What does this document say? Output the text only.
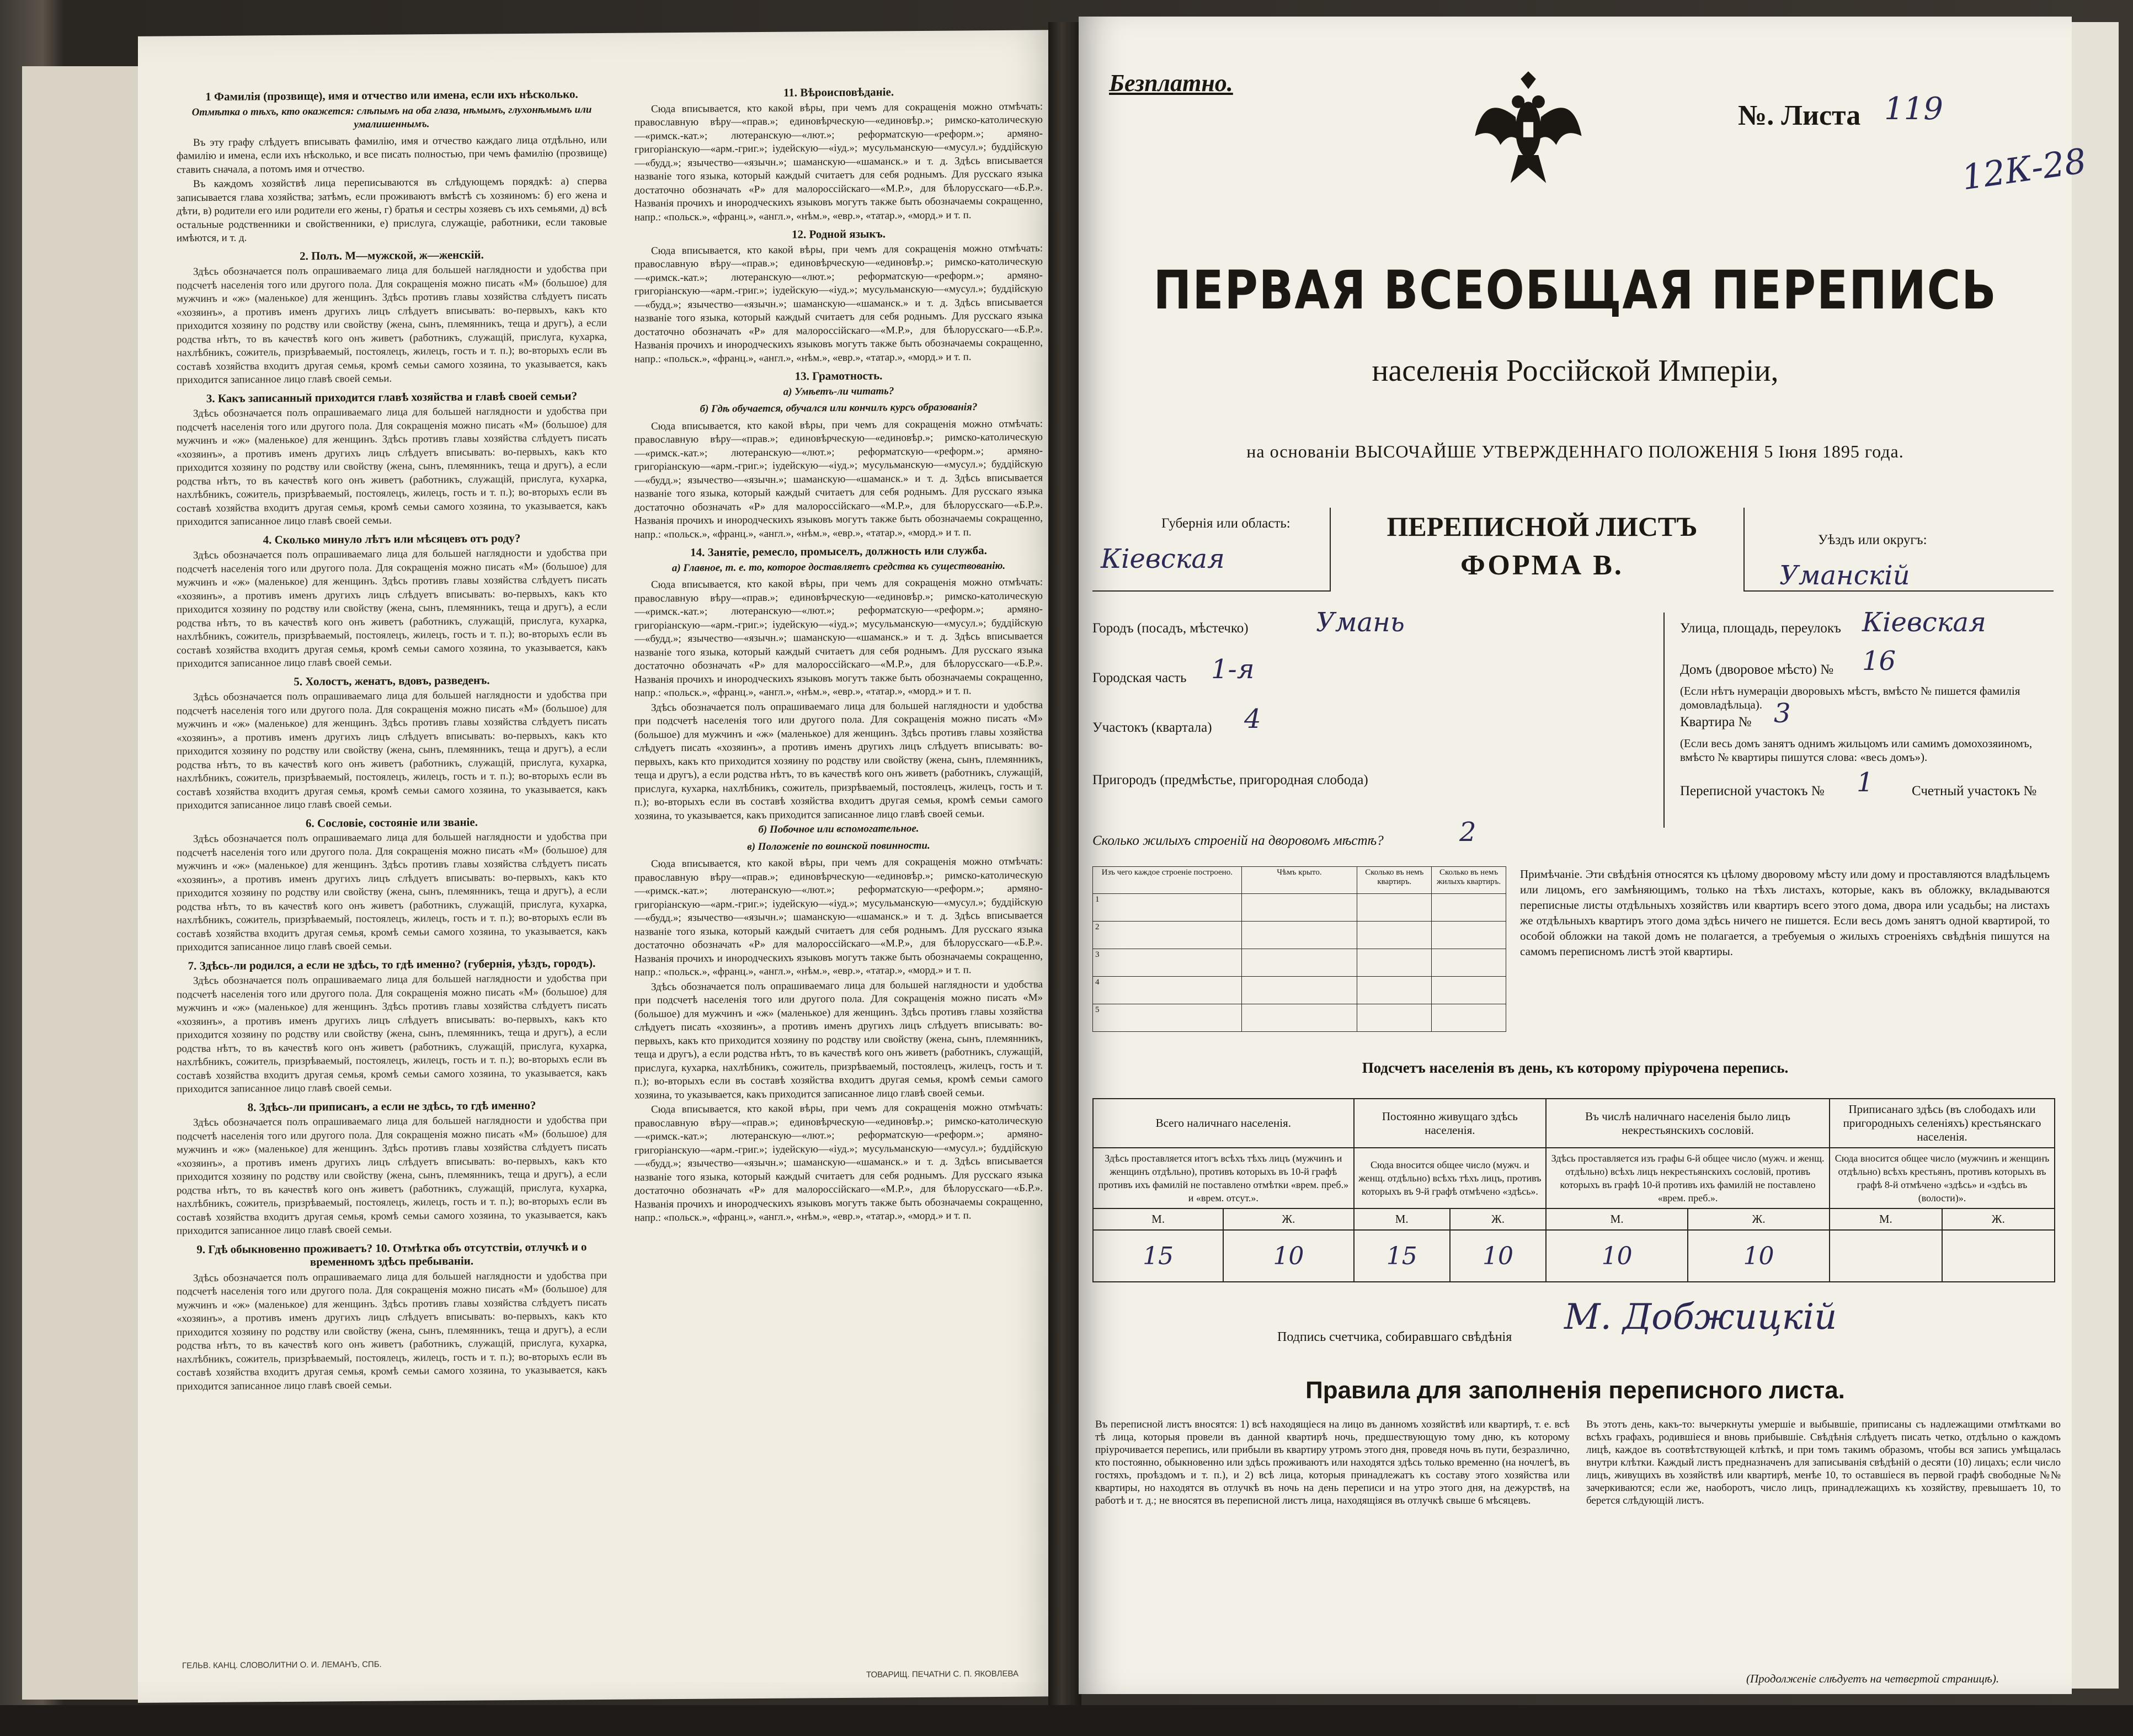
1 Фамилія (прозвище), имя и отчество или имена, если ихъ нѣсколько.
Отмѣтка о тѣхъ, кто окажется: слѣпымъ на оба глаза, нѣмымъ, глухонѣмымъ или умалишеннымъ.

Въ эту графу слѣдуетъ вписывать фамилію, имя и отчество каждаго лица отдѣльно, или фамилію и имена, если ихъ нѣсколько, и все писать полностью, при чемъ фамилію (прозвище) ставить сначала, а потомъ имя и отчество.

Въ каждомъ хозяйствѣ лица переписываются въ слѣдующемъ порядкѣ: а) сперва записывается глава хозяйства; затѣмъ, если проживаютъ вмѣстѣ съ хозяиномъ: б) его жена и дѣти, в) родители его или родители его жены, г) братья и сестры хозяевъ съ ихъ семьями, д) всѣ остальные родственники и свойственники, е) прислуга, служащіе, работники, если таковые имѣются, и т. д.

2. Полъ. М—мужской, ж—женскій.

Здѣсь обозначается полъ опрашиваемаго лица для большей наглядности и удобства при подсчетѣ населенія того или другого пола. Для сокращенія можно писать «М» (большое) для мужчинъ и «ж» (маленькое) для женщинъ. Здѣсь противъ главы хозяйства слѣдуетъ писать «хозяинъ», а противъ именъ другихъ лицъ слѣдуетъ вписывать: во-первыхъ, какъ кто приходится хозяину по родству или свойству (жена, сынъ, племянникъ, теща и другъ), а если родства нѣтъ, то въ качествѣ кого онъ живетъ (работникъ, служащій, прислуга, кухарка, нахлѣбникъ, сожитель, призрѣваемый, постоялецъ, жилецъ, гость и т. п.); во-вторыхъ если въ составѣ хозяйства входитъ другая семья, кромѣ семьи самого хозяина, то указывается, какъ приходится записанное лицо главѣ своей семьи.

3. Какъ записанный приходится главѣ хозяйства и главѣ своей семьи?

Здѣсь обозначается полъ опрашиваемаго лица для большей наглядности и удобства при подсчетѣ населенія того или другого пола. Для сокращенія можно писать «М» (большое) для мужчинъ и «ж» (маленькое) для женщинъ. Здѣсь противъ главы хозяйства слѣдуетъ писать «хозяинъ», а противъ именъ другихъ лицъ слѣдуетъ вписывать: во-первыхъ, какъ кто приходится хозяину по родству или свойству (жена, сынъ, племянникъ, теща и другъ), а если родства нѣтъ, то въ качествѣ кого онъ живетъ (работникъ, служащій, прислуга, кухарка, нахлѣбникъ, сожитель, призрѣваемый, постоялецъ, жилецъ, гость и т. п.); во-вторыхъ если въ составѣ хозяйства входитъ другая семья, кромѣ семьи самого хозяина, то указывается, какъ приходится записанное лицо главѣ своей семьи.

4. Сколько минуло лѣтъ или мѣсяцевъ отъ роду?

Здѣсь обозначается полъ опрашиваемаго лица для большей наглядности и удобства при подсчетѣ населенія того или другого пола. Для сокращенія можно писать «М» (большое) для мужчинъ и «ж» (маленькое) для женщинъ. Здѣсь противъ главы хозяйства слѣдуетъ писать «хозяинъ», а противъ именъ другихъ лицъ слѣдуетъ вписывать: во-первыхъ, какъ кто приходится хозяину по родству или свойству (жена, сынъ, племянникъ, теща и другъ), а если родства нѣтъ, то въ качествѣ кого онъ живетъ (работникъ, служащій, прислуга, кухарка, нахлѣбникъ, сожитель, призрѣваемый, постоялецъ, жилецъ, гость и т. п.); во-вторыхъ если въ составѣ хозяйства входитъ другая семья, кромѣ семьи самого хозяина, то указывается, какъ приходится записанное лицо главѣ своей семьи.

5. Холостъ, женатъ, вдовъ, разведенъ.

Здѣсь обозначается полъ опрашиваемаго лица для большей наглядности и удобства при подсчетѣ населенія того или другого пола. Для сокращенія можно писать «М» (большое) для мужчинъ и «ж» (маленькое) для женщинъ. Здѣсь противъ главы хозяйства слѣдуетъ писать «хозяинъ», а противъ именъ другихъ лицъ слѣдуетъ вписывать: во-первыхъ, какъ кто приходится хозяину по родству или свойству (жена, сынъ, племянникъ, теща и другъ), а если родства нѣтъ, то въ качествѣ кого онъ живетъ (работникъ, служащій, прислуга, кухарка, нахлѣбникъ, сожитель, призрѣваемый, постоялецъ, жилецъ, гость и т. п.); во-вторыхъ если въ составѣ хозяйства входитъ другая семья, кромѣ семьи самого хозяина, то указывается, какъ приходится записанное лицо главѣ своей семьи.

6. Сословіе, состояніе или званіе.

Здѣсь обозначается полъ опрашиваемаго лица для большей наглядности и удобства при подсчетѣ населенія того или другого пола. Для сокращенія можно писать «М» (большое) для мужчинъ и «ж» (маленькое) для женщинъ. Здѣсь противъ главы хозяйства слѣдуетъ писать «хозяинъ», а противъ именъ другихъ лицъ слѣдуетъ вписывать: во-первыхъ, какъ кто приходится хозяину по родству или свойству (жена, сынъ, племянникъ, теща и другъ), а если родства нѣтъ, то въ качествѣ кого онъ живетъ (работникъ, служащій, прислуга, кухарка, нахлѣбникъ, сожитель, призрѣваемый, постоялецъ, жилецъ, гость и т. п.); во-вторыхъ если въ составѣ хозяйства входитъ другая семья, кромѣ семьи самого хозяина, то указывается, какъ приходится записанное лицо главѣ своей семьи.

7. Здѣсь-ли родился, а если не здѣсь, то гдѣ именно? (губернія, уѣздъ, городъ).

Здѣсь обозначается полъ опрашиваемаго лица для большей наглядности и удобства при подсчетѣ населенія того или другого пола. Для сокращенія можно писать «М» (большое) для мужчинъ и «ж» (маленькое) для женщинъ. Здѣсь противъ главы хозяйства слѣдуетъ писать «хозяинъ», а противъ именъ другихъ лицъ слѣдуетъ вписывать: во-первыхъ, какъ кто приходится хозяину по родству или свойству (жена, сынъ, племянникъ, теща и другъ), а если родства нѣтъ, то въ качествѣ кого онъ живетъ (работникъ, служащій, прислуга, кухарка, нахлѣбникъ, сожитель, призрѣваемый, постоялецъ, жилецъ, гость и т. п.); во-вторыхъ если въ составѣ хозяйства входитъ другая семья, кромѣ семьи самого хозяина, то указывается, какъ приходится записанное лицо главѣ своей семьи.

8. Здѣсь-ли приписанъ, а если не здѣсь, то гдѣ именно?

Здѣсь обозначается полъ опрашиваемаго лица для большей наглядности и удобства при подсчетѣ населенія того или другого пола. Для сокращенія можно писать «М» (большое) для мужчинъ и «ж» (маленькое) для женщинъ. Здѣсь противъ главы хозяйства слѣдуетъ писать «хозяинъ», а противъ именъ другихъ лицъ слѣдуетъ вписывать: во-первыхъ, какъ кто приходится хозяину по родству или свойству (жена, сынъ, племянникъ, теща и другъ), а если родства нѣтъ, то въ качествѣ кого онъ живетъ (работникъ, служащій, прислуга, кухарка, нахлѣбникъ, сожитель, призрѣваемый, постоялецъ, жилецъ, гость и т. п.); во-вторыхъ если въ составѣ хозяйства входитъ другая семья, кромѣ семьи самого хозяина, то указывается, какъ приходится записанное лицо главѣ своей семьи.

9. Гдѣ обыкновенно проживаетъ? 10. Отмѣтка объ отсутствіи, отлучкѣ и о временномъ здѣсь пребываніи.

Здѣсь обозначается полъ опрашиваемаго лица для большей наглядности и удобства при подсчетѣ населенія того или другого пола. Для сокращенія можно писать «М» (большое) для мужчинъ и «ж» (маленькое) для женщинъ. Здѣсь противъ главы хозяйства слѣдуетъ писать «хозяинъ», а противъ именъ другихъ лицъ слѣдуетъ вписывать: во-первыхъ, какъ кто приходится хозяину по родству или свойству (жена, сынъ, племянникъ, теща и другъ), а если родства нѣтъ, то въ качествѣ кого онъ живетъ (работникъ, служащій, прислуга, кухарка, нахлѣбникъ, сожитель, призрѣваемый, постоялецъ, жилецъ, гость и т. п.); во-вторыхъ если въ составѣ хозяйства входитъ другая семья, кромѣ семьи самого хозяина, то указывается, какъ приходится записанное лицо главѣ своей семьи.

11. Вѣроисповѣданіе.

Сюда вписывается, кто какой вѣры, при чемъ для сокращенія можно отмѣчать: православную вѣру—«прав.»; единовѣрческую—«единовѣр.»; римско-католическую—«римск.-кат.»; лютеранскую—«лют.»; реформатскую—«реформ.»; армяно-григоріанскую—«арм.-григ.»; іудейскую—«іуд.»; мусульманскую—«мусул.»; буддійскую—«будд.»; язычество—«язычн.»; шаманскую—«шаманск.» и т. д. Здѣсь вписывается названіе того языка, который каждый считаетъ для себя роднымъ. Для русскаго языка достаточно обозначать «Р» для малороссійскаго—«М.Р.», для бѣлорусскаго—«Б.Р.». Названія прочихъ и инородческихъ языковъ могутъ также быть обозначаемы сокращенно, напр.: «польск.», «франц.», «англ.», «нѣм.», «евр.», «татар.», «морд.» и т. п.

12. Родной языкъ.

Сюда вписывается, кто какой вѣры, при чемъ для сокращенія можно отмѣчать: православную вѣру—«прав.»; единовѣрческую—«единовѣр.»; римско-католическую—«римск.-кат.»; лютеранскую—«лют.»; реформатскую—«реформ.»; армяно-григоріанскую—«арм.-григ.»; іудейскую—«іуд.»; мусульманскую—«мусул.»; буддійскую—«будд.»; язычество—«язычн.»; шаманскую—«шаманск.» и т. д. Здѣсь вписывается названіе того языка, который каждый считаетъ для себя роднымъ. Для русскаго языка достаточно обозначать «Р» для малороссійскаго—«М.Р.», для бѣлорусскаго—«Б.Р.». Названія прочихъ и инородческихъ языковъ могутъ также быть обозначаемы сокращенно, напр.: «польск.», «франц.», «англ.», «нѣм.», «евр.», «татар.», «морд.» и т. п.

13. Грамотность.
а) Умѣетъ-ли читать?
б) Гдѣ обучается, обучался или кончилъ курсъ образованія?

Сюда вписывается, кто какой вѣры, при чемъ для сокращенія можно отмѣчать: православную вѣру—«прав.»; единовѣрческую—«единовѣр.»; римско-католическую—«римск.-кат.»; лютеранскую—«лют.»; реформатскую—«реформ.»; армяно-григоріанскую—«арм.-григ.»; іудейскую—«іуд.»; мусульманскую—«мусул.»; буддійскую—«будд.»; язычество—«язычн.»; шаманскую—«шаманск.» и т. д. Здѣсь вписывается названіе того языка, который каждый считаетъ для себя роднымъ. Для русскаго языка достаточно обозначать «Р» для малороссійскаго—«М.Р.», для бѣлорусскаго—«Б.Р.». Названія прочихъ и инородческихъ языковъ могутъ также быть обозначаемы сокращенно, напр.: «польск.», «франц.», «англ.», «нѣм.», «евр.», «татар.», «морд.» и т. п.

14. Занятіе, ремесло, промыселъ, должность или служба.
а) Главное, т. е. то, которое доставляетъ средства къ существованію.

Сюда вписывается, кто какой вѣры, при чемъ для сокращенія можно отмѣчать: православную вѣру—«прав.»; единовѣрческую—«единовѣр.»; римско-католическую—«римск.-кат.»; лютеранскую—«лют.»; реформатскую—«реформ.»; армяно-григоріанскую—«арм.-григ.»; іудейскую—«іуд.»; мусульманскую—«мусул.»; буддійскую—«будд.»; язычество—«язычн.»; шаманскую—«шаманск.» и т. д. Здѣсь вписывается названіе того языка, который каждый считаетъ для себя роднымъ. Для русскаго языка достаточно обозначать «Р» для малороссійскаго—«М.Р.», для бѣлорусскаго—«Б.Р.». Названія прочихъ и инородческихъ языковъ могутъ также быть обозначаемы сокращенно, напр.: «польск.», «франц.», «англ.», «нѣм.», «евр.», «татар.», «морд.» и т. п.

Здѣсь обозначается полъ опрашиваемаго лица для большей наглядности и удобства при подсчетѣ населенія того или другого пола. Для сокращенія можно писать «М» (большое) для мужчинъ и «ж» (маленькое) для женщинъ. Здѣсь противъ главы хозяйства слѣдуетъ писать «хозяинъ», а противъ именъ другихъ лицъ слѣдуетъ вписывать: во-первыхъ, какъ кто приходится хозяину по родству или свойству (жена, сынъ, племянникъ, теща и другъ), а если родства нѣтъ, то въ качествѣ кого онъ живетъ (работникъ, служащій, прислуга, кухарка, нахлѣбникъ, сожитель, призрѣваемый, постоялецъ, жилецъ, гость и т. п.); во-вторыхъ если въ составѣ хозяйства входитъ другая семья, кромѣ семьи самого хозяина, то указывается, какъ приходится записанное лицо главѣ своей семьи.

б) Побочное или вспомогательное.
в) Положеніе по воинской повинности.

Сюда вписывается, кто какой вѣры, при чемъ для сокращенія можно отмѣчать: православную вѣру—«прав.»; единовѣрческую—«единовѣр.»; римско-католическую—«римск.-кат.»; лютеранскую—«лют.»; реформатскую—«реформ.»; армяно-григоріанскую—«арм.-григ.»; іудейскую—«іуд.»; мусульманскую—«мусул.»; буддійскую—«будд.»; язычество—«язычн.»; шаманскую—«шаманск.» и т. д. Здѣсь вписывается названіе того языка, который каждый считаетъ для себя роднымъ. Для русскаго языка достаточно обозначать «Р» для малороссійскаго—«М.Р.», для бѣлорусскаго—«Б.Р.». Названія прочихъ и инородческихъ языковъ могутъ также быть обозначаемы сокращенно, напр.: «польск.», «франц.», «англ.», «нѣм.», «евр.», «татар.», «морд.» и т. п.

Здѣсь обозначается полъ опрашиваемаго лица для большей наглядности и удобства при подсчетѣ населенія того или другого пола. Для сокращенія можно писать «М» (большое) для мужчинъ и «ж» (маленькое) для женщинъ. Здѣсь противъ главы хозяйства слѣдуетъ писать «хозяинъ», а противъ именъ другихъ лицъ слѣдуетъ вписывать: во-первыхъ, какъ кто приходится хозяину по родству или свойству (жена, сынъ, племянникъ, теща и другъ), а если родства нѣтъ, то въ качествѣ кого онъ живетъ (работникъ, служащій, прислуга, кухарка, нахлѣбникъ, сожитель, призрѣваемый, постоялецъ, жилецъ, гость и т. п.); во-вторыхъ если въ составѣ хозяйства входитъ другая семья, кромѣ семьи самого хозяина, то указывается, какъ приходится записанное лицо главѣ своей семьи.

Сюда вписывается, кто какой вѣры, при чемъ для сокращенія можно отмѣчать: православную вѣру—«прав.»; единовѣрческую—«единовѣр.»; римско-католическую—«римск.-кат.»; лютеранскую—«лют.»; реформатскую—«реформ.»; армяно-григоріанскую—«арм.-григ.»; іудейскую—«іуд.»; мусульманскую—«мусул.»; буддійскую—«будд.»; язычество—«язычн.»; шаманскую—«шаманск.» и т. д. Здѣсь вписывается названіе того языка, который каждый считаетъ для себя роднымъ. Для русскаго языка достаточно обозначать «Р» для малороссійскаго—«М.Р.», для бѣлорусскаго—«Б.Р.». Названія прочихъ и инородческихъ языковъ могутъ также быть обозначаемы сокращенно, напр.: «польск.», «франц.», «англ.», «нѣм.», «евр.», «татар.», «морд.» и т. п.

ГЕЛЬВ. КАНЦ. СЛОВОЛИТНИ О. И. ЛЕМАНЪ, СПБ.
ТОВАРИЩ. ПЕЧАТНИ С. П. ЯКОВЛЕВА
Безплатно.
№. Листа 119
12К-28
ПЕРВАЯ ВСЕОБЩАЯ ПЕРЕПИСЬ
населенія Россійской Имперіи,
на основаніи ВЫСОЧАЙШЕ УТВЕРЖДЕННАГО ПОЛОЖЕНІЯ 5 Іюня 1895 года.
Губернія или область:
Кіевская
ПЕРЕПИСНОЙ ЛИСТЪ
ФОРМА В.
Уѣздъ или округъ:
Уманскій
Городъ (посадъ, мѣстечко)	Умань
Городская часть 1-я
Участокъ (квартала) 4
Пригородъ (предмѣстье, пригородная слобода)
Улица, площадь, переулокъ Кіевская
Домъ (дворовое мѣсто) № 16
(Если нѣтъ нумераціи дворовыхъ мѣстъ, вмѣсто № пишется фамилія домовладѣльца).
Квартира № 3
(Если весь домъ занятъ однимъ жильцомъ или самимъ домохозяиномъ, вмѣсто № квартиры пишутся слова: «весь домъ»).
Переписной участокъ № 1	Счетный участокъ №
Сколько жилыхъ строеній на дворовомъ мѣстѣ?	2
Изъ чего каждое строеніе построено.	Чѣмъ крыто.	Сколько въ немъ квартиръ.	Сколько въ немъ жилыхъ квартиръ.
1			
2			
3			
4			
5			
Примѣчаніе. Эти свѣдѣнія относятся къ цѣлому дворовому мѣсту или дому и проставляются владѣльцемъ или лицомъ, его замѣняющимъ, только на тѣхъ листахъ, которые, какъ въ обложку, вкладываются переписные листы отдѣльныхъ хозяйствъ или квартиръ всего этого дома, двора или усадьбы; на листахъ же отдѣльныхъ квартиръ этого дома здѣсь ничего не пишется. Если весь домъ занятъ одной квартирой, то особой обложки на такой домъ не полагается, а требуемыя о жилыхъ строеніяхъ свѣдѣнія пишутся на самомъ переписномъ листѣ этой квартиры.
Подсчетъ населенія въ день, къ которому пріурочена перепись.
Всего наличнаго населенія.		Постоянно живущаго здѣсь населенія.		Въ числѣ наличнаго населенія было лицъ некрестьянскихъ сословій.		Приписанаго здѣсь (въ слободахъ или пригородныхъ селеніяхъ) крестьянскаго населенія.	
Здѣсь проставляется итогъ всѣхъ тѣхъ лицъ (мужчинъ и женщинъ отдѣльно), противъ которыхъ въ 10-й графѣ противъ ихъ фамилій не поставлено отмѣтки «врем. преб.» и «врем. отсут.».		Сюда вносится общее число (мужч. и женщ. отдѣльно) всѣхъ тѣхъ лицъ, противъ которыхъ въ 9-й графѣ отмѣчено «здѣсь».		Здѣсь проставляется изъ графы 6-й общее число (мужч. и женщ. отдѣльно) всѣхъ лицъ некрестьянскихъ сословій, противъ которыхъ въ графѣ 10-й противъ ихъ фамилій не поставлено «врем. преб.».		Сюда вносится общее число (мужчинъ и женщинъ отдѣльно) всѣхъ крестьянъ, противъ которыхъ въ графѣ 8-й отмѣчено «здѣсь» и «здѣсь въ (волости)».	
М.	Ж.	М.	Ж.	М.	Ж.	М.	Ж.
15	10	15	10	10	10		
Подпись счетчика, собиравшаго свѣдѣнія М. Добжицкій
Правила для заполненія переписного листа.
Въ переписной листъ вносятся: 1) всѣ находящіеся на лицо въ данномъ хозяйствѣ или квартирѣ, т. е. всѣ тѣ лица, которыя провели въ данной квартирѣ ночь, предшествующую тому дню, къ которому пріурочивается перепись, или прибыли въ квартиру утромъ этого дня, проведя ночь въ пути, безразлично, кто постоянно, обыкновенно или здѣсь проживаютъ или находятся здѣсь только временно (на ночлегѣ, въ гостяхъ, проѣздомъ и т. п.), и 2) всѣ лица, которыя принадлежатъ къ составу этого хозяйства или квартиры, но находятся въ отлучкѣ въ ночь на день переписи и на утро этого дня, на дежурствѣ, на работѣ и т. д.; не вносятся въ переписной листъ лица, находящіяся въ отлучкѣ свыше 6 мѣсяцевъ.
Въ этотъ день, какъ-то: вычеркнуты умершіе и выбывшіе, приписаны съ надлежащими отмѣтками во всѣхъ графахъ, родившіеся и вновь прибывшіе. Свѣдѣнія слѣдуетъ писать четко, отдѣльно о каждомъ лицѣ, каждое въ соотвѣтствующей клѣткѣ, и при томъ такимъ образомъ, чтобы вся запись умѣщалась внутри клѣтки. Каждый листъ предназначенъ для записыванія свѣдѣній о десяти (10) лицахъ; если число лицъ, живущихъ въ хозяйствѣ или квартирѣ, менѣе 10, то оставшіеся въ первой графѣ свободные №№ зачеркиваются; если же, наоборотъ, число лицъ, принадлежащихъ къ хозяйству, превышаетъ 10, то берется слѣдующій листъ.
(Продолженіе слѣдуетъ на четвертой страницѣ).
